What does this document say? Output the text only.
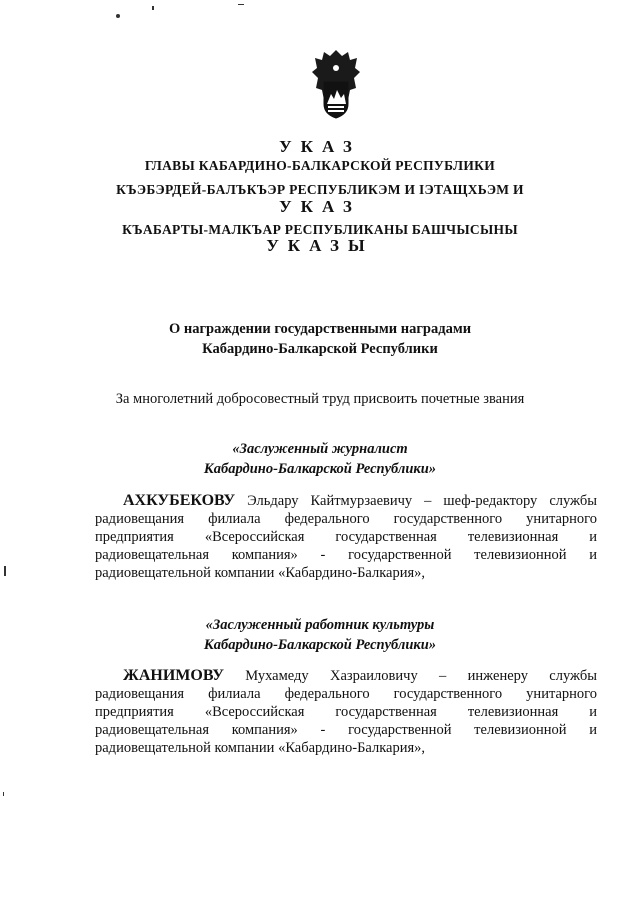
УКАЗ
ГЛАВЫ КАБАРДИНО-БАЛКАРСКОЙ РЕСПУБЛИКИ
КЪЭБЭРДЕЙ-БАЛЪКЪЭР РЕСПУБЛИКЭМ И ІЭТАЩХЬЭМ И
УКАЗ
КЪАБАРТЫ-МАЛКЪАР РЕСПУБЛИКАНЫ БАШЧЫСЫНЫ
УКАЗЫ
О награждении государственными наградами
Кабардино-Балкарской Республики
За многолетний добросовестный труд присвоить почетные звания
«Заслуженный журналист
Кабардино-Балкарской Республики»
АХКУБЕКОВУ Эльдару Кайтмурзаевичу – шеф-редактору службы радиовещания филиала федерального государственного унитарного предприятия «Всероссийская государственная телевизионная и радиовещательная компания» - государственной телевизионной и радиовещательной компании «Кабардино-Балкария»,
«Заслуженный работник культуры
Кабардино-Балкарской Республики»
ЖАНИМОВУ Мухамеду Хазраиловичу – инженеру службы радиовещания филиала федерального государственного унитарного предприятия «Всероссийская государственная телевизионная и радиовещательная компания» - государственной телевизионной и радиовещательной компании «Кабардино-Балкария»,
